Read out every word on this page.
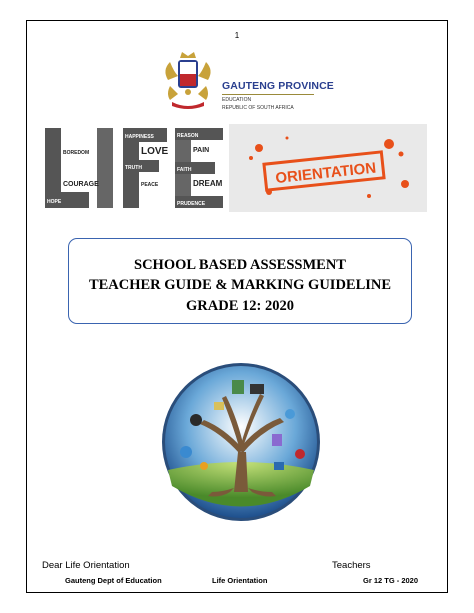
1
GAUTENG PROVINCE
EDUCATION
REPUBLIC OF SOUTH AFRICA
DEPRESSION
HOPE
HAPPINESS
TRUTH
REASON
FAITH
PRUDENCE
LOVE	PAIN
DREAM
COURAGE	PEACE
BOREDOM
ORIENTATION
SCHOOL BASED ASSESSMENT
TEACHER GUIDE & MARKING GUIDELINE
GRADE 12: 2020
Dear Life Orientation	Teachers
Gauteng Dept of Education	Life Orientation	Gr 12 TG - 2020
